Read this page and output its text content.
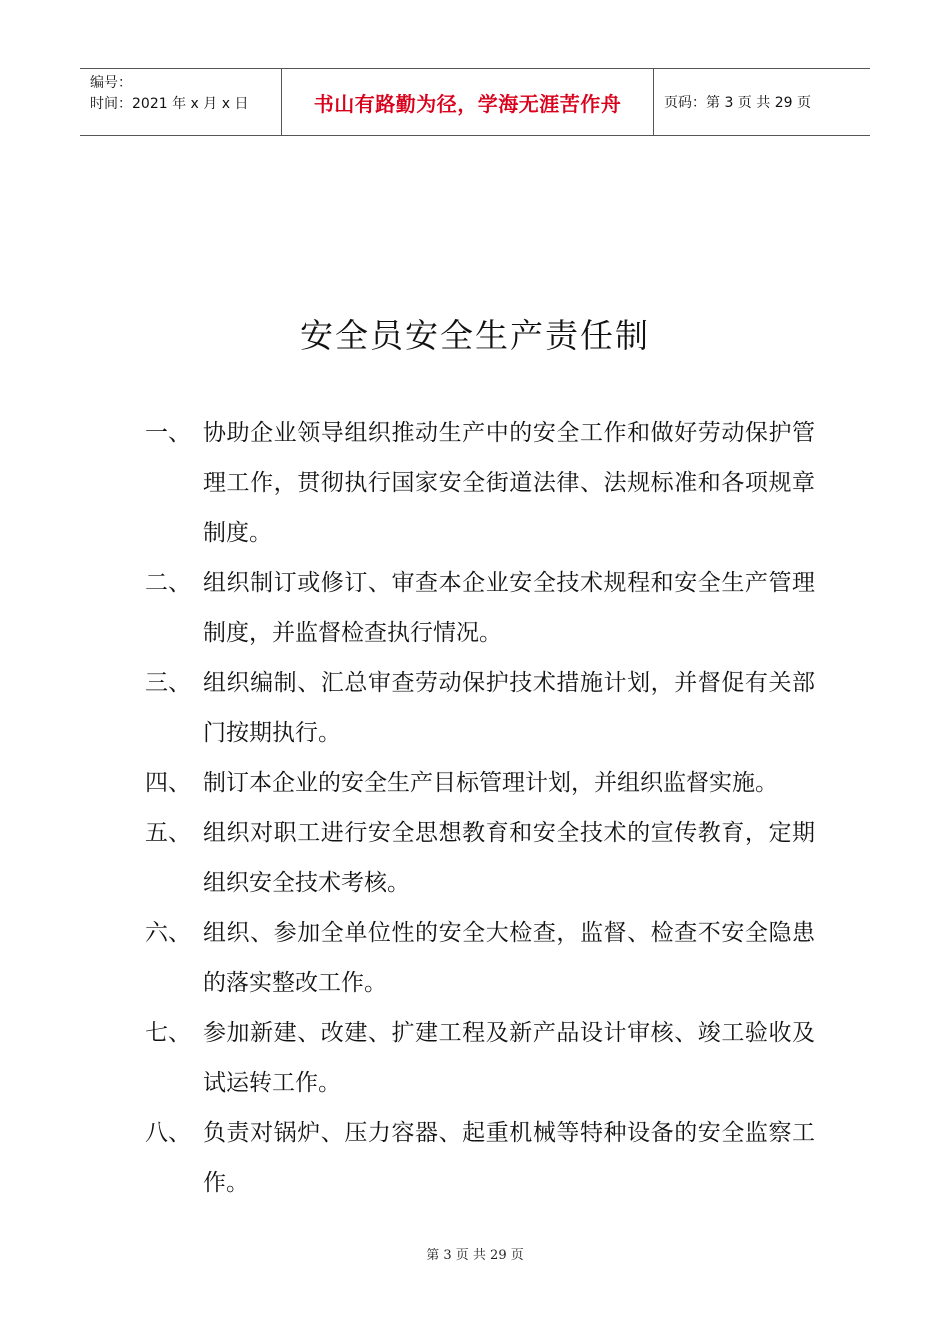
编号：
时间：2021 年 x 月 x 日	书山有路勤为径，学海无涯苦作舟	页码：第 3 页 共 29 页
安全员安全生产责任制
一、 协助企业领导组织推动生产中的安全工作和做好劳动保护管理工作，贯彻执行国家安全街道法律、法规标准和各项规章制度。
二、 组织制订或修订、审查本企业安全技术规程和安全生产管理制度，并监督检查执行情况。
三、 组织编制、汇总审查劳动保护技术措施计划，并督促有关部门按期执行。
四、 制订本企业的安全生产目标管理计划，并组织监督实施。
五、 组织对职工进行安全思想教育和安全技术的宣传教育，定期组织安全技术考核。
六、 组织、参加全单位性的安全大检查，监督、检查不安全隐患的落实整改工作。
七、 参加新建、改建、扩建工程及新产品设计审核、竣工验收及试运转工作。
八、 负责对锅炉、压力容器、起重机械等特种设备的安全监察工作。
第 3 页 共 29 页
